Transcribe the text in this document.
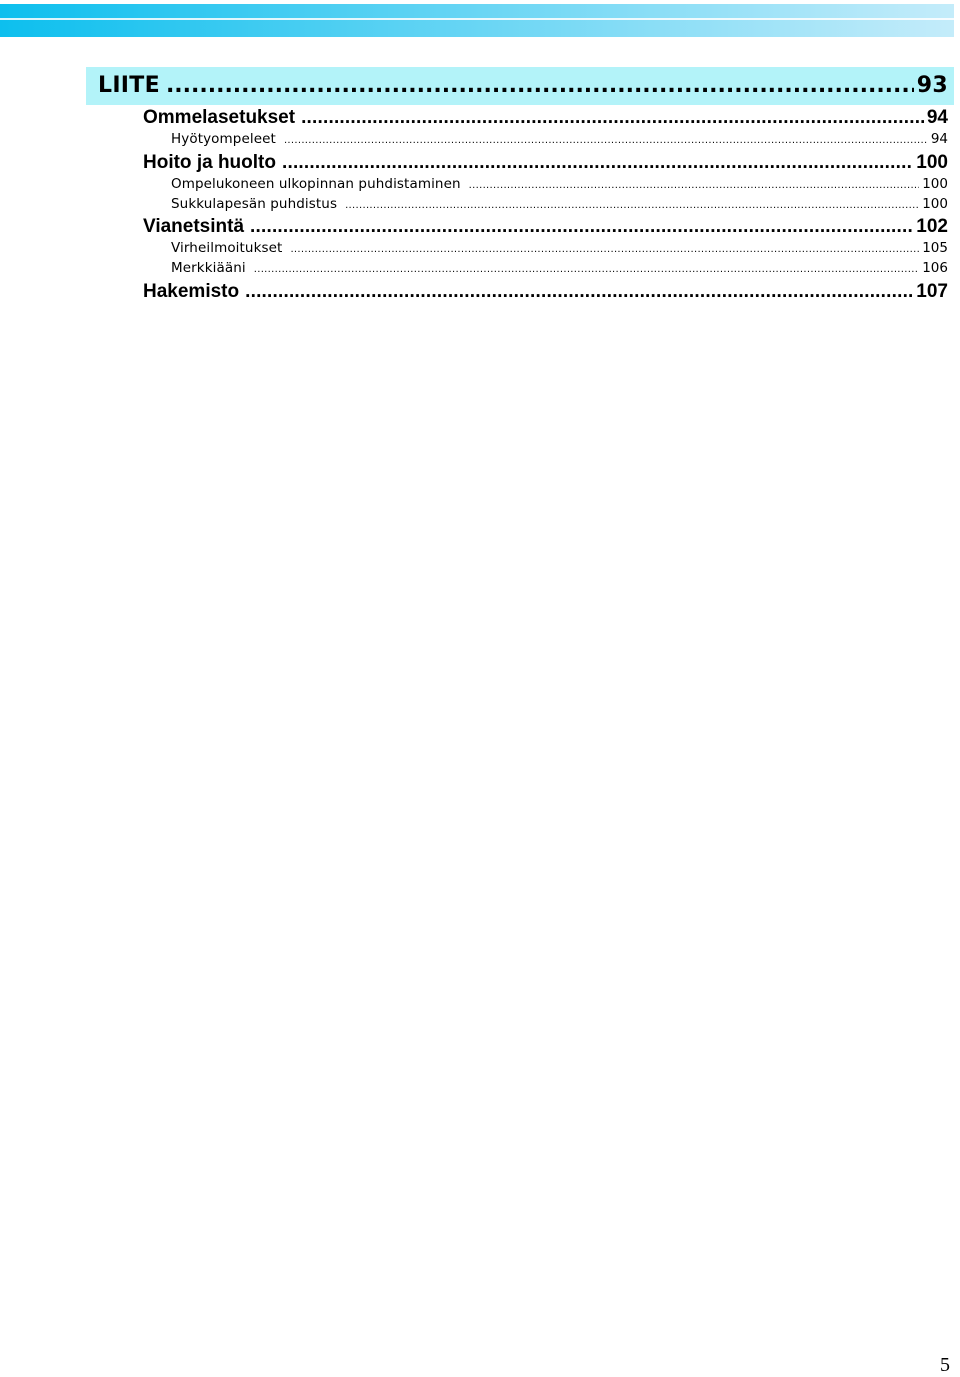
LIITE .....	93
Ommelasetukset .....	94
Hyötyompeleet .....	94
Hoito ja huolto .....	100
Ompelukoneen ulkopinnan puhdistaminen .....	100
Sukkulapesän puhdistus .....	100
Vianetsintä .....	102
Virheilmoitukset .....	105
Merkkiääni .....	106
Hakemisto .....	107
5
